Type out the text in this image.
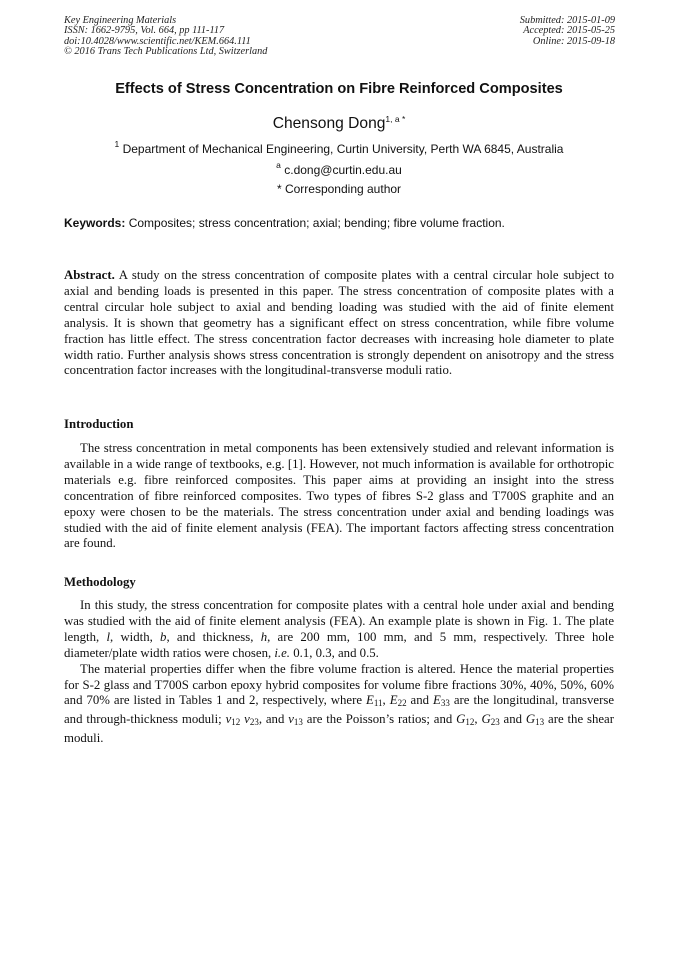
Key Engineering Materials
ISSN: 1662-9795, Vol. 664, pp 111-117
doi:10.4028/www.scientific.net/KEM.664.111
© 2016 Trans Tech Publications Ltd, Switzerland
Submitted: 2015-01-09
Accepted: 2015-05-25
Online: 2015-09-18
Effects of Stress Concentration on Fibre Reinforced Composites
Chensong Dong$^{1, a *}$
$^1$ Department of Mechanical Engineering, Curtin University, Perth WA 6845, Australia
$^a$ c.dong@curtin.edu.au
* Corresponding author
Keywords: Composites; stress concentration; axial; bending; fibre volume fraction.

Abstract. A study on the stress concentration of composite plates with a central circular hole subject to axial and bending loads is presented in this paper. The stress concentration of composite plates with a central circular hole subject to axial and bending loading was studied with the aid of finite element analysis. It is shown that geometry has a significant effect on stress concentration, while fibre volume fraction has little effect. The stress concentration factor decreases with increasing hole diameter to plate width ratio. Further analysis shows stress concentration is strongly dependent on anisotropy and the stress concentration factor increases with the longitudinal-transverse moduli ratio.

Introduction

The stress concentration in metal components has been extensively studied and relevant information is available in a wide range of textbooks, e.g. [1]. However, not much information is available for orthotropic materials e.g. fibre reinforced composites. This paper aims at providing an insight into the stress concentration of fibre reinforced composites. Two types of fibres S-2 glass and T700S graphite and an epoxy were chosen to be the materials. The stress concentration under axial and bending loadings was studied with the aid of finite element analysis (FEA). The important factors affecting stress concentration are found.

Methodology

In this study, the stress concentration for composite plates with a central hole under axial and bending was studied with the aid of finite element analysis (FEA). An example plate is shown in Fig. 1. The plate length, l, width, b, and thickness, h, are 200 mm, 100 mm, and 5 mm, respectively. Three hole diameter/plate width ratios were chosen, i.e. 0.1, 0.3, and 0.5.

The material properties differ when the fibre volume fraction is altered. Hence the material properties for S-2 glass and T700S carbon epoxy hybrid composites for volume fibre fractions 30%, 40%, 50%, 60% and 70% are listed in Tables 1 and 2, respectively, where $E_{11}$, $E_{22}$ and $E_{33}$ are the longitudinal, transverse and through-thickness moduli; $\nu_{12}$ $\nu_{23}$, and $\nu_{13}$ are the Poisson’s ratios; and $G_{12}$, $G_{23}$ and $G_{13}$ are the shear moduli.
